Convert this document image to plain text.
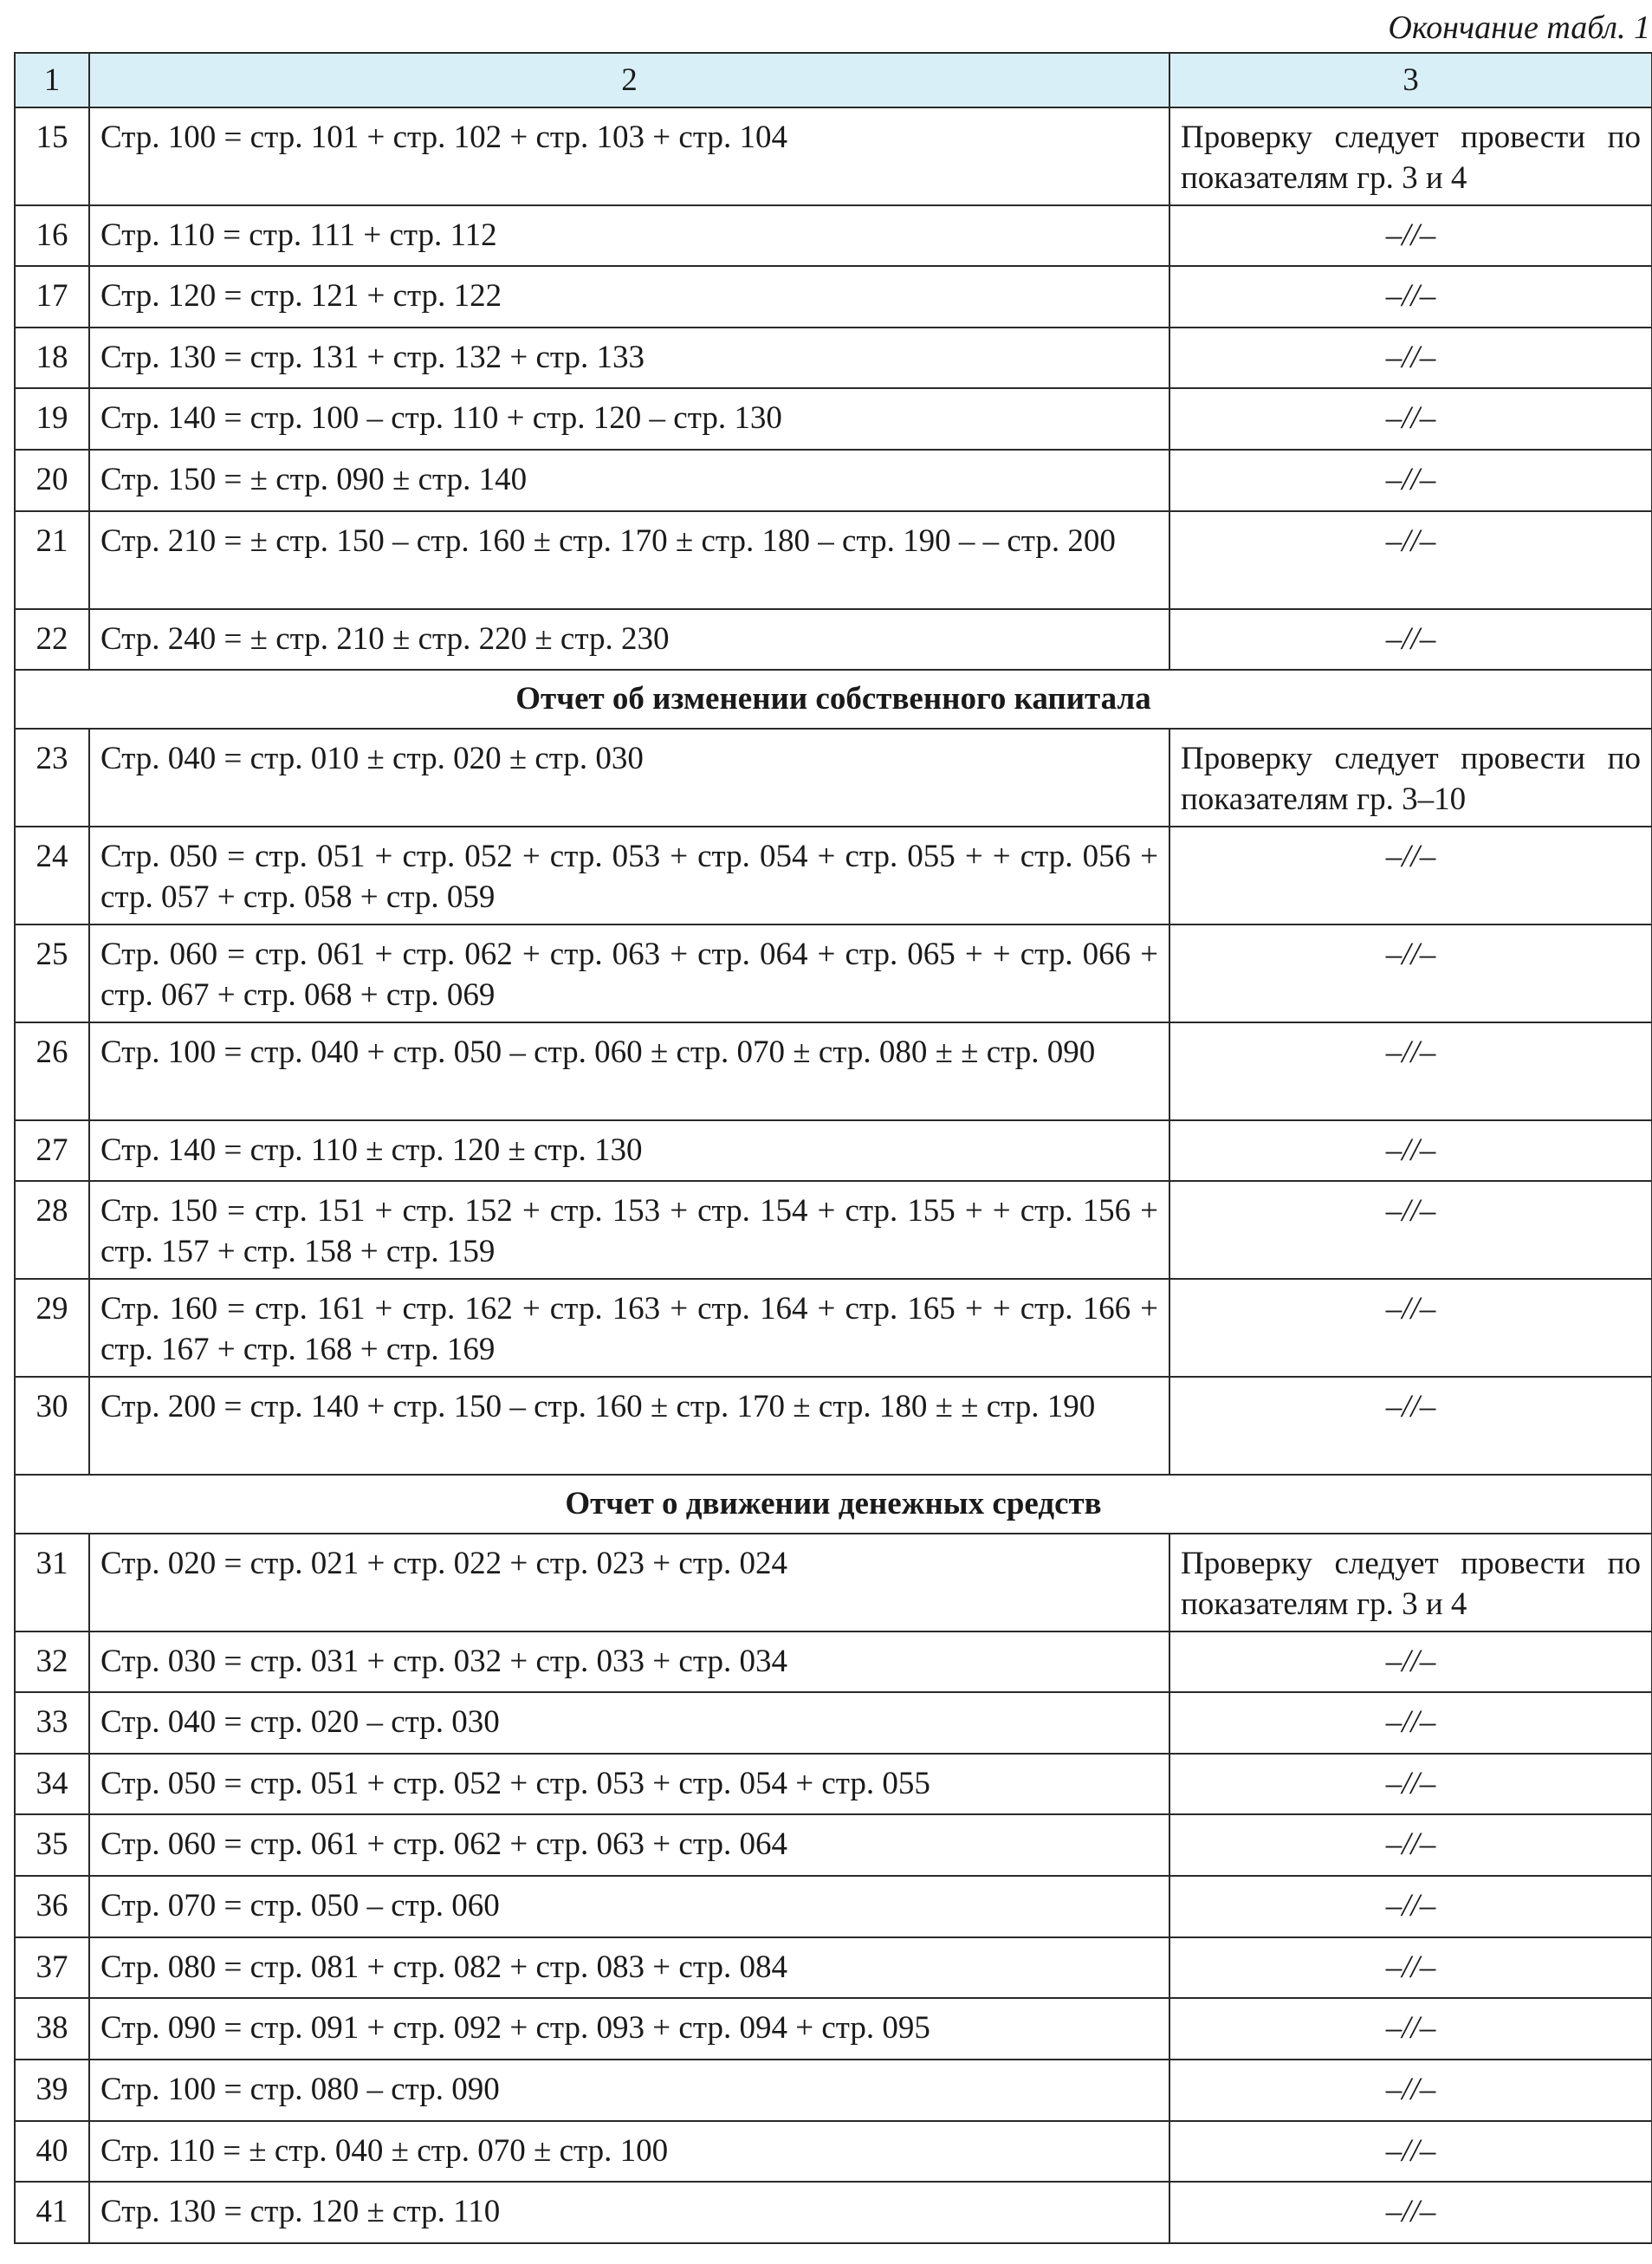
Окончание табл. 1
1	2	3
15	Стр. 100 = стр. 101 + стр. 102 + стр. 103 + стр. 104	Проверку следует провести по показателям гр. 3 и 4
16	Стр. 110 = стр. 111 + стр. 112	–//–
17	Стр. 120 = стр. 121 + стр. 122	–//–
18	Стр. 130 = стр. 131 + стр. 132 + стр. 133	–//–
19	Стр. 140 = стр. 100 – стр. 110 + стр. 120 – стр. 130	–//–
20	Стр. 150 = ± стр. 090 ± стр. 140	–//–
21	Стр. 210 = ± стр. 150 – стр. 160 ± стр. 170 ± стр. 180 – стр. 190 – – стр. 200	–//–
22	Стр. 240 = ± стр. 210 ± стр. 220 ± стр. 230	–//–
Отчет об изменении собственного капитала		
23	Стр. 040 = стр. 010 ± стр. 020 ± стр. 030	Проверку следует провести по показателям гр. 3–10
24	Стр. 050 = стр. 051 + стр. 052 + стр. 053 + стр. 054 + стр. 055 + + стр. 056 + стр. 057 + стр. 058 + стр. 059	–//–
25	Стр. 060 = стр. 061 + стр. 062 + стр. 063 + стр. 064 + стр. 065 + + стр. 066 + стр. 067 + стр. 068 + стр. 069	–//–
26	Стр. 100 = стр. 040 + стр. 050 – стр. 060 ± стр. 070 ± стр. 080 ± ± стр. 090	–//–
27	Стр. 140 = стр. 110 ± стр. 120 ± стр. 130	–//–
28	Стр. 150 = стр. 151 + стр. 152 + стр. 153 + стр. 154 + стр. 155 + + стр. 156 + стр. 157 + стр. 158 + стр. 159	–//–
29	Стр. 160 = стр. 161 + стр. 162 + стр. 163 + стр. 164 + стр. 165 + + стр. 166 + стр. 167 + стр. 168 + стр. 169	–//–
30	Стр. 200 = стр. 140 + стр. 150 – стр. 160 ± стр. 170 ± стр. 180 ± ± стр. 190	–//–
Отчет о движении денежных средств		
31	Стр. 020 = стр. 021 + стр. 022 + стр. 023 + стр. 024	Проверку следует провести по показателям гр. 3 и 4
32	Стр. 030 = стр. 031 + стр. 032 + стр. 033 + стр. 034	–//–
33	Стр. 040 = стр. 020 – стр. 030	–//–
34	Стр. 050 = стр. 051 + стр. 052 + стр. 053 + стр. 054 + стр. 055	–//–
35	Стр. 060 = стр. 061 + стр. 062 + стр. 063 + стр. 064	–//–
36	Стр. 070 = стр. 050 – стр. 060	–//–
37	Стр. 080 = стр. 081 + стр. 082 + стр. 083 + стр. 084	–//–
38	Стр. 090 = стр. 091 + стр. 092 + стр. 093 + стр. 094 + стр. 095	–//–
39	Стр. 100 = стр. 080 – стр. 090	–//–
40	Стр. 110 = ± стр. 040 ± стр. 070 ± стр. 100	–//–
41	Стр. 130 = стр. 120 ± стр. 110	–//–
